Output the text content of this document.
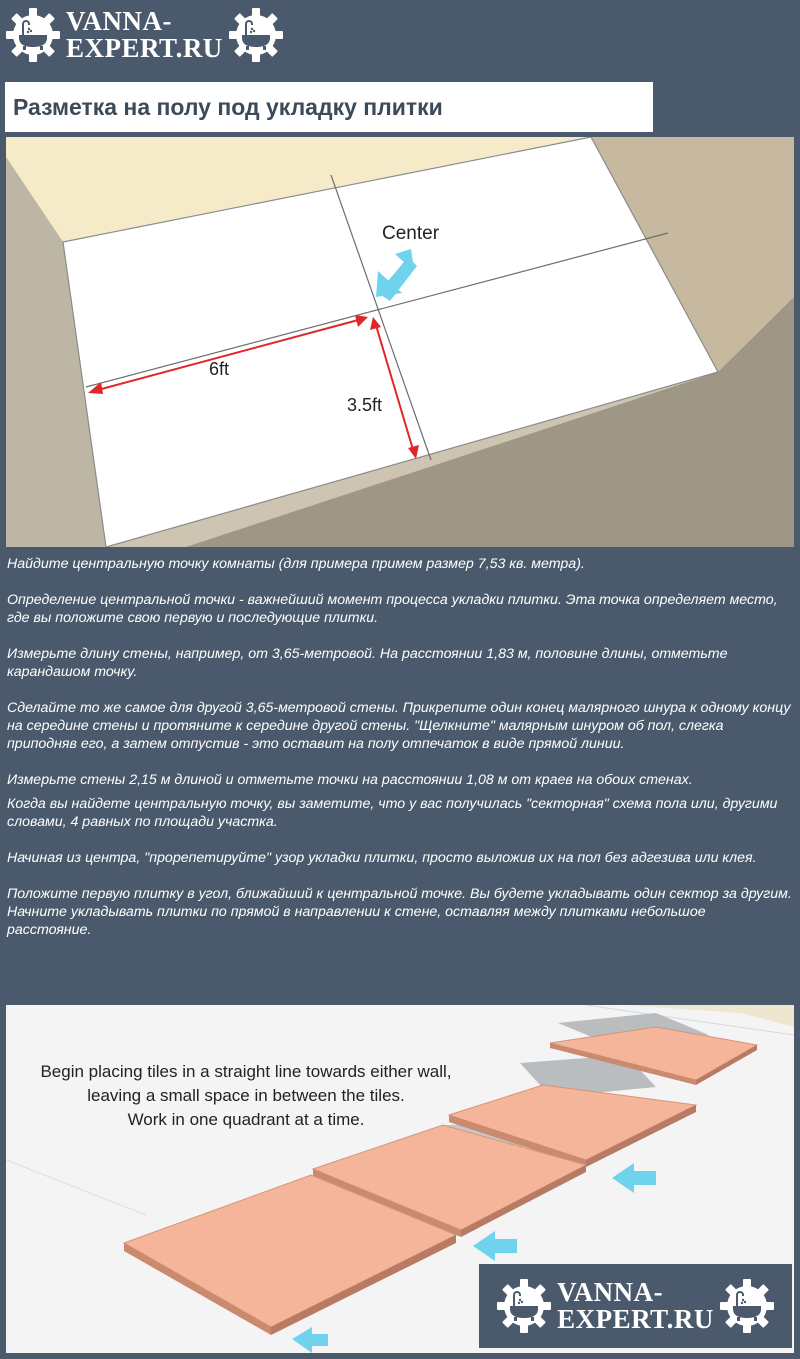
VANNA-
EXPERT.RU
Разметка на полу под укладку плитки
Center
6ft
3.5ft

Найдите центральную точку комнаты (для примера примем размер 7,53 кв. метра).

Определение центральной точки - важнейший момент процесса укладки плитки. Эта точка определяет место, где вы положите свою первую и последующие плитки.

Измерьте длину стены, например, от 3,65-метровой. На расстоянии 1,83 м, половине длины, отметьте карандашом точку.

Сделайте то же самое для другой 3,65-метровой стены. Прикрепите один конец малярного шнура к одному концу на середине стены и протяните к середине другой стены. "Щелкните" малярным шнуром об пол, слегка приподняв его, а затем отпустив - это оставит на полу отпечаток в виде прямой линии.

Измерьте стены 2,15 м длиной и отметьте точки на расстоянии 1,08 м от краев на обоих стенах.

Когда вы найдете центральную точку, вы заметите, что у вас получилась "секторная" схема пола или, другими словами, 4 равных по площади участка.

Начиная из центра, "прорепетируйте" узор укладки плитки, просто выложив их на пол без адгезива или клея.

Положите первую плитку в угол, ближайший к центральной точке. Вы будете укладывать один сектор за другим. Начните укладывать плитки по прямой в направлении к стене, оставляя между плитками небольшое расстояние.

Begin placing tiles in a straight line towards either wall,
leaving a small space in between the tiles.
Work in one quadrant at a time.
VANNA-
EXPERT.RU
